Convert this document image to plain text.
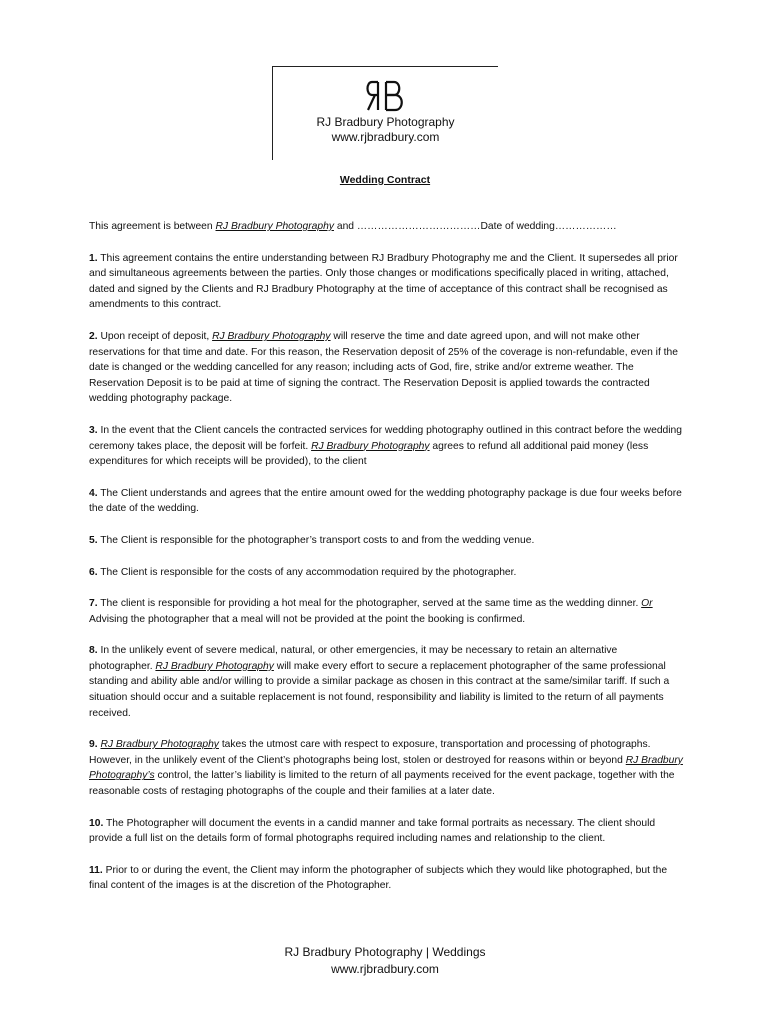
RJ Bradbury Photography
www.rjbradbury.com
Wedding Contract

This agreement is between RJ Bradbury Photography and ………………………………Date of wedding………………

1. This agreement contains the entire understanding between RJ Bradbury Photography me and the Client. It supersedes all prior and simultaneous agreements between the parties. Only those changes or modifications specifically placed in writing, attached, dated and signed by the Clients and RJ Bradbury Photography at the time of acceptance of this contract shall be recognised as amendments to this contract.

2. Upon receipt of deposit, RJ Bradbury Photography will reserve the time and date agreed upon, and will not make other reservations for that time and date. For this reason, the Reservation deposit of 25% of the coverage is non-refundable, even if the date is changed or the wedding cancelled for any reason; including acts of God, fire, strike and/or extreme weather. The Reservation Deposit is to be paid at time of signing the contract. The Reservation Deposit is applied towards the contracted wedding photography package.

3. In the event that the Client cancels the contracted services for wedding photography outlined in this contract before the wedding ceremony takes place, the deposit will be forfeit. RJ Bradbury Photography agrees to refund all additional paid money (less expenditures for which receipts will be provided), to the client

4. The Client understands and agrees that the entire amount owed for the wedding photography package is due four weeks before the date of the wedding.

5. The Client is responsible for the photographer’s transport costs to and from the wedding venue.

6. The Client is responsible for the costs of any accommodation required by the photographer.

7. The client is responsible for providing a hot meal for the photographer, served at the same time as the wedding dinner. Or Advising the photographer that a meal will not be provided at the point the booking is confirmed.

8. In the unlikely event of severe medical, natural, or other emergencies, it may be necessary to retain an alternative photographer. RJ Bradbury Photography will make every effort to secure a replacement photographer of the same professional standing and ability able and/or willing to provide a similar package as chosen in this contract at the same/similar tariff. If such a situation should occur and a suitable replacement is not found, responsibility and liability is limited to the return of all payments received.

9. RJ Bradbury Photography takes the utmost care with respect to exposure, transportation and processing of photographs. However, in the unlikely event of the Client’s photographs being lost, stolen or destroyed for reasons within or beyond RJ Bradbury Photography’s control, the latter’s liability is limited to the return of all payments received for the event package, together with the reasonable costs of restaging photographs of the couple and their families at a later date.

10. The Photographer will document the events in a candid manner and take formal portraits as necessary. The client should provide a full list on the details form of formal photographs required including names and relationship to the client.

11. Prior to or during the event, the Client may inform the photographer of subjects which they would like photographed, but the final content of the images is at the discretion of the Photographer.

RJ Bradbury Photography | Weddings
www.rjbradbury.com
